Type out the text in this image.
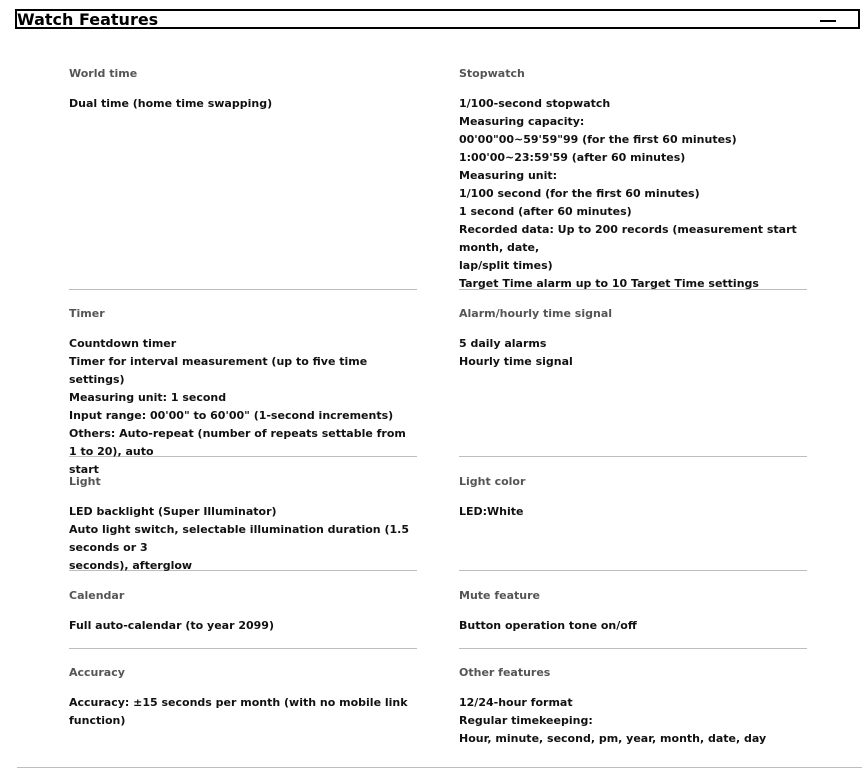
Watch Features
World time
Dual time (home time swapping)
Timer
Countdown timer
Timer for interval measurement (up to five time settings)
Measuring unit: 1 second
Input range: 00'00" to 60'00" (1-second increments)
Others: Auto-repeat (number of repeats settable from 1 to 20), auto
start
Light
LED backlight (Super Illuminator)
Auto light switch, selectable illumination duration (1.5 seconds or 3
seconds), afterglow
Calendar
Full auto-calendar (to year 2099)
Accuracy
Accuracy: ±15 seconds per month (with no mobile link function)
Stopwatch
1/100-second stopwatch
Measuring capacity:
00'00"00~59'59"99 (for the first 60 minutes)
1:00'00~23:59'59 (after 60 minutes)
Measuring unit:
1/100 second (for the first 60 minutes)
1 second (after 60 minutes)
Recorded data: Up to 200 records (measurement start month, date,
lap/split times)
Target Time alarm up to 10 Target Time settings
Alarm/hourly time signal
5 daily alarms
Hourly time signal
Light color
LED:White
Mute feature
Button operation tone on/off
Other features
12/24-hour format
Regular timekeeping:
Hour, minute, second, pm, year, month, date, day
